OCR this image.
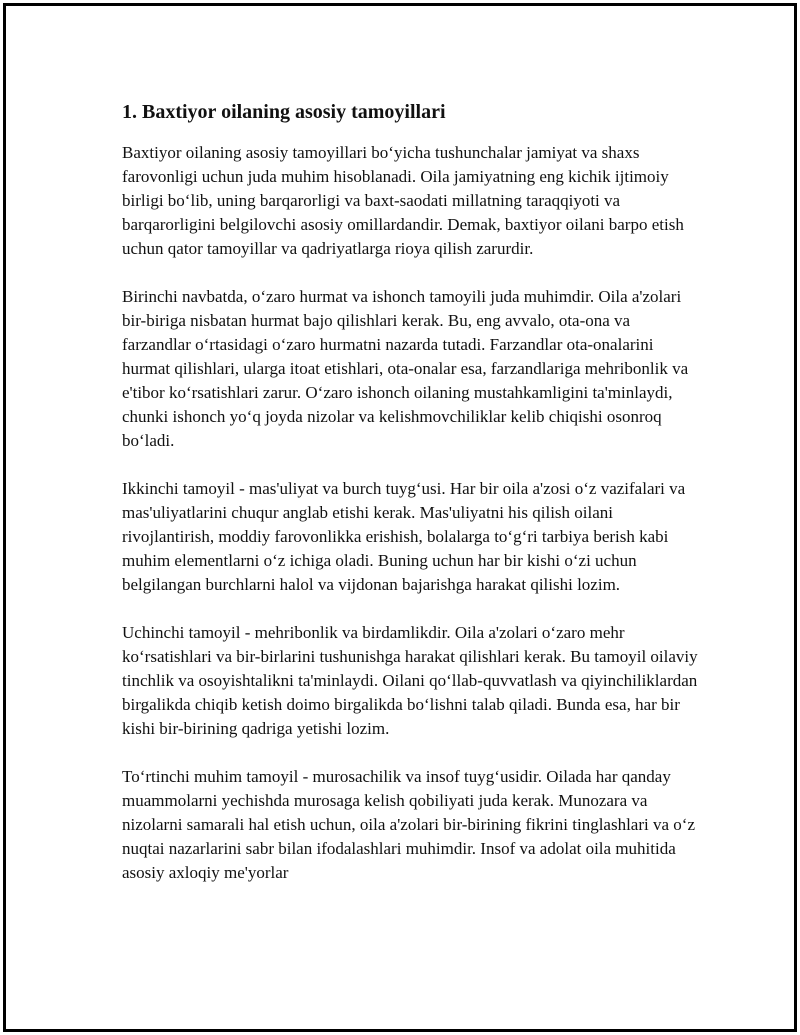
1. Baxtiyor oilaning asosiy tamoyillari

Baxtiyor oilaning asosiy tamoyillari bo‘yicha tushunchalar jamiyat va shaxs farovonligi uchun juda muhim hisoblanadi. Oila jamiyatning eng kichik ijtimoiy birligi bo‘lib, uning barqarorligi va baxt-saodati millatning taraqqiyoti va barqarorligini belgilovchi asosiy omillardandir. Demak, baxtiyor oilani barpo etish uchun qator tamoyillar va qadriyatlarga rioya qilish zarurdir.

Birinchi navbatda, o‘zaro hurmat va ishonch tamoyili juda muhimdir. Oila a'zolari bir-biriga nisbatan hurmat bajo qilishlari kerak. Bu, eng avvalo, ota-ona va farzandlar o‘rtasidagi o‘zaro hurmatni nazarda tutadi. Farzandlar ota-onalarini hurmat qilishlari, ularga itoat etishlari, ota-onalar esa, farzandlariga mehribonlik va e'tibor ko‘rsatishlari zarur. O‘zaro ishonch oilaning mustahkamligini ta'minlaydi, chunki ishonch yo‘q joyda nizolar va kelishmovchiliklar kelib chiqishi osonroq bo‘ladi.

Ikkinchi tamoyil - mas'uliyat va burch tuyg‘usi. Har bir oila a'zosi o‘z vazifalari va mas'uliyatlarini chuqur anglab etishi kerak. Mas'uliyatni his qilish oilani rivojlantirish, moddiy farovonlikka erishish, bolalarga to‘g‘ri tarbiya berish kabi muhim elementlarni o‘z ichiga oladi. Buning uchun har bir kishi o‘zi uchun belgilangan burchlarni halol va vijdonan bajarishga harakat qilishi lozim.

Uchinchi tamoyil - mehribonlik va birdamlikdir. Oila a'zolari o‘zaro mehr ko‘rsatishlari va bir-birlarini tushunishga harakat qilishlari kerak. Bu tamoyil oilaviy tinchlik va osoyishtalikni ta'minlaydi. Oilani qo‘llab-quvvatlash va qiyinchiliklardan birgalikda chiqib ketish doimo birgalikda bo‘lishni talab qiladi. Bunda esa, har bir kishi bir-birining qadriga yetishi lozim.

To‘rtinchi muhim tamoyil - murosachilik va insof tuyg‘usidir. Oilada har qanday muammolarni yechishda murosaga kelish qobiliyati juda kerak. Munozara va nizolarni samarali hal etish uchun, oila a'zolari bir-birining fikrini tinglashlari va o‘z nuqtai nazarlarini sabr bilan ifodalashlari muhimdir. Insof va adolat oila muhitida asosiy axloqiy me'yorlar
